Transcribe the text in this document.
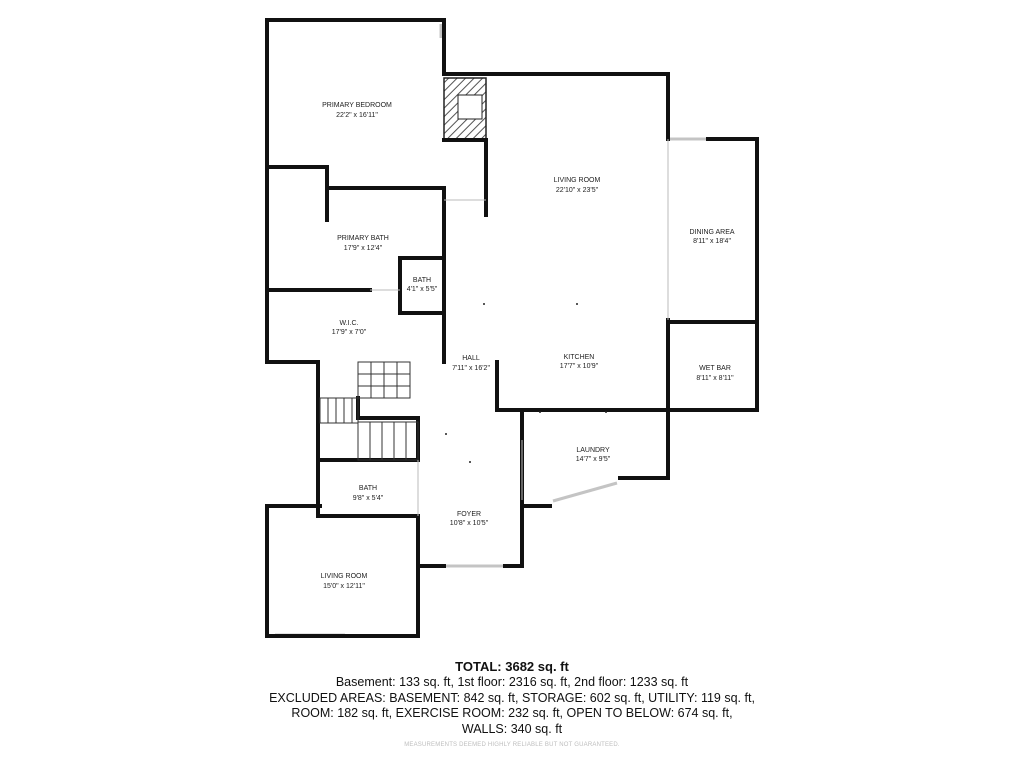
PRIMARY BEDROOM
22'2" x 16'11"
LIVING ROOM
22'10" x 23'5"
DINING AREA
8'11" x 18'4"
PRIMARY BATH
17'9" x 12'4"
BATH
4'1" x 5'5"
W.I.C.
17'9" x 7'0"
HALL
7'11" x 16'2"
KITCHEN
17'7" x 10'9"	WET BAR
8'11" x 8'11"
LAUNDRY
14'7" x 9'5"
BATH
9'8" x 5'4"
FOYER
10'8" x 10'5"
LIVING ROOM
15'0" x 12'11"
TOTAL: 3682 sq. ft
Basement: 133 sq. ft, 1st floor: 2316 sq. ft, 2nd floor: 1233 sq. ft
EXCLUDED AREAS: BASEMENT: 842 sq. ft, STORAGE: 602 sq. ft, UTILITY: 119 sq. ft,
ROOM: 182 sq. ft, EXERCISE ROOM: 232 sq. ft, OPEN TO BELOW: 674 sq. ft,
WALLS: 340 sq. ft
MEASUREMENTS DEEMED HIGHLY RELIABLE BUT NOT GUARANTEED.
